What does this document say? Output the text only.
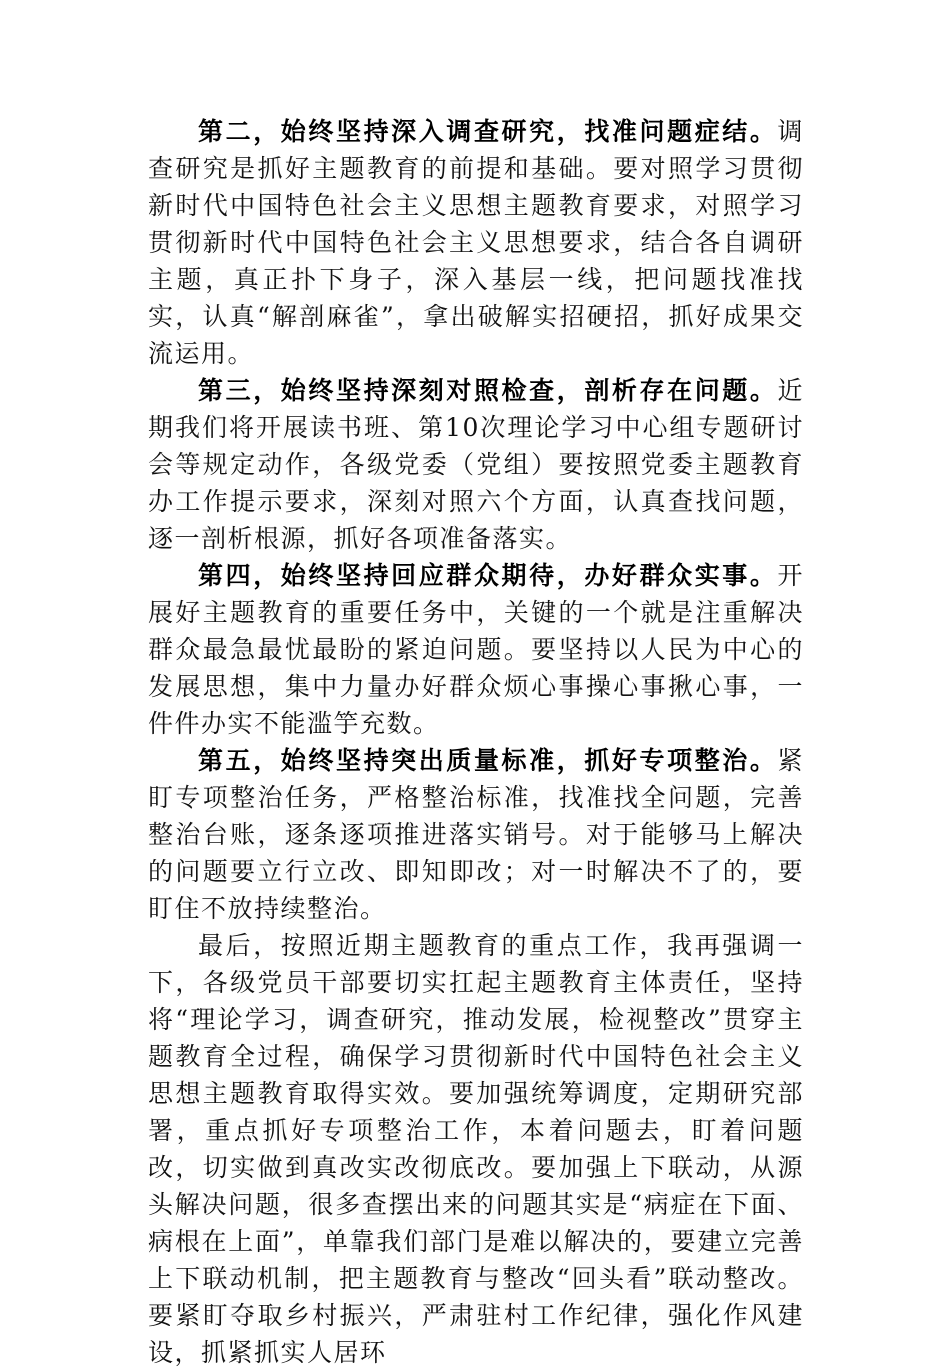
第二，始终坚持深入调查研究，找准问题症结。调查研究是抓好主题教育的前提和基础。要对照学习贯彻新时代中国特色社会主义思想主题教育要求，对照学习贯彻新时代中国特色社会主义思想要求，结合各自调研主题，真正扑下身子，深入基层一线，把问题找准找实，认真“解剖麻雀”，拿出破解实招硬招，抓好成果交流运用。

第三，始终坚持深刻对照检查，剖析存在问题。近期我们将开展读书班、第10次理论学习中心组专题研讨会等规定动作，各级党委（党组）要按照党委主题教育办工作提示要求，深刻对照六个方面，认真查找问题，逐一剖析根源，抓好各项准备落实。

第四，始终坚持回应群众期待，办好群众实事。开展好主题教育的重要任务中，关键的一个就是注重解决群众最急最忧最盼的紧迫问题。要坚持以人民为中心的发展思想，集中力量办好群众烦心事操心事揪心事，一件件办实不能滥竽充数。

第五，始终坚持突出质量标准，抓好专项整治。紧盯专项整治任务，严格整治标准，找准找全问题，完善整治台账，逐条逐项推进落实销号。对于能够马上解决的问题要立行立改、即知即改；对一时解决不了的，要盯住不放持续整治。

最后，按照近期主题教育的重点工作，我再强调一下，各级党员干部要切实扛起主题教育主体责任，坚持将“理论学习，调查研究，推动发展，检视整改”贯穿主题教育全过程，确保学习贯彻新时代中国特色社会主义思想主题教育取得实效。要加强统筹调度，定期研究部署，重点抓好专项整治工作，本着问题去，盯着问题改，切实做到真改实改彻底改。要加强上下联动，从源头解决问题，很多查摆出来的问题其实是“病症在下面、病根在上面”，单靠我们部门是难以解决的，要建立完善上下联动机制，把主题教育与整改“回头看”联动整改。要紧盯夺取乡村振兴，严肃驻村工作纪律，强化作风建设，抓紧抓实人居环
